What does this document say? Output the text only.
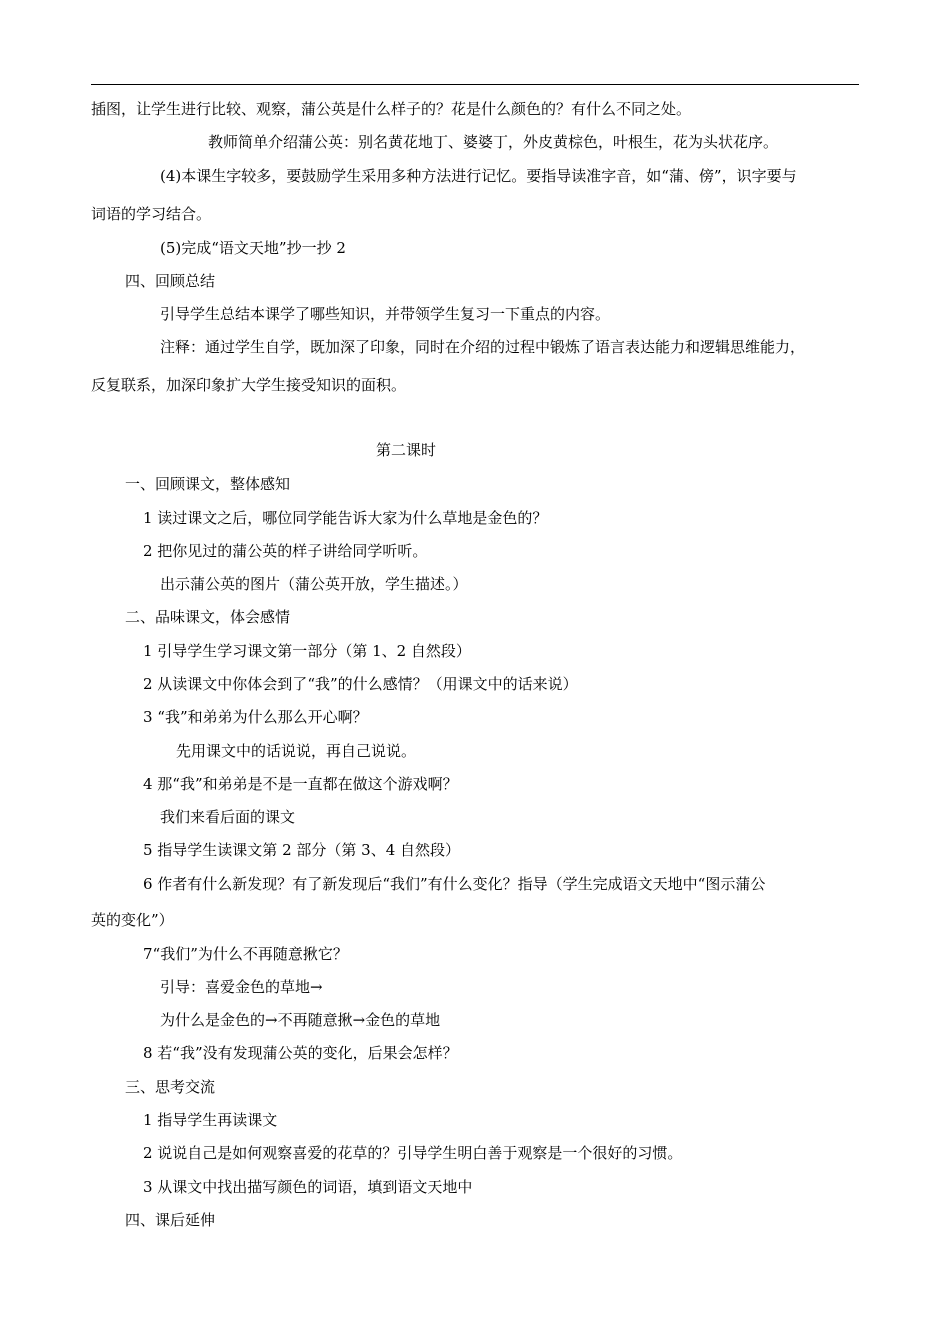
插图，让学生进行比较、观察，蒲公英是什么样子的？花是什么颜色的？有什么不同之处。
教师简单介绍蒲公英：别名黄花地丁、婆婆丁，外皮黄棕色，叶根生，花为头状花序。
(4)本课生字较多，要鼓励学生采用多种方法进行记忆。要指导读准字音，如“蒲、傍”，识字要与
词语的学习结合。
(5)完成“语文天地”抄一抄 2
四、回顾总结
引导学生总结本课学了哪些知识，并带领学生复习一下重点的内容。
注释：通过学生自学，既加深了印象，同时在介绍的过程中锻炼了语言表达能力和逻辑思维能力，
反复联系，加深印象扩大学生接受知识的面积。
第二课时
一、回顾课文，整体感知
1 读过课文之后，哪位同学能告诉大家为什么草地是金色的？
2 把你见过的蒲公英的样子讲给同学听听。
出示蒲公英的图片（蒲公英开放，学生描述。）
二、品味课文，体会感情
1 引导学生学习课文第一部分（第 1、2 自然段）
2 从读课文中你体会到了“我”的什么感情？（用课文中的话来说）
3 “我”和弟弟为什么那么开心啊？
先用课文中的话说说，再自己说说。
4 那“我”和弟弟是不是一直都在做这个游戏啊？
我们来看后面的课文
5 指导学生读课文第 2 部分（第 3、4 自然段）
6 作者有什么新发现？有了新发现后“我们”有什么变化？指导（学生完成语文天地中“图示蒲公
英的变化”）
7“我们”为什么不再随意揪它？
引导：喜爱金色的草地→
为什么是金色的→不再随意揪→金色的草地
8 若“我”没有发现蒲公英的变化，后果会怎样？
三、思考交流
1 指导学生再读课文
2 说说自己是如何观察喜爱的花草的？引导学生明白善于观察是一个很好的习惯。
3 从课文中找出描写颜色的词语，填到语文天地中
四、课后延伸
